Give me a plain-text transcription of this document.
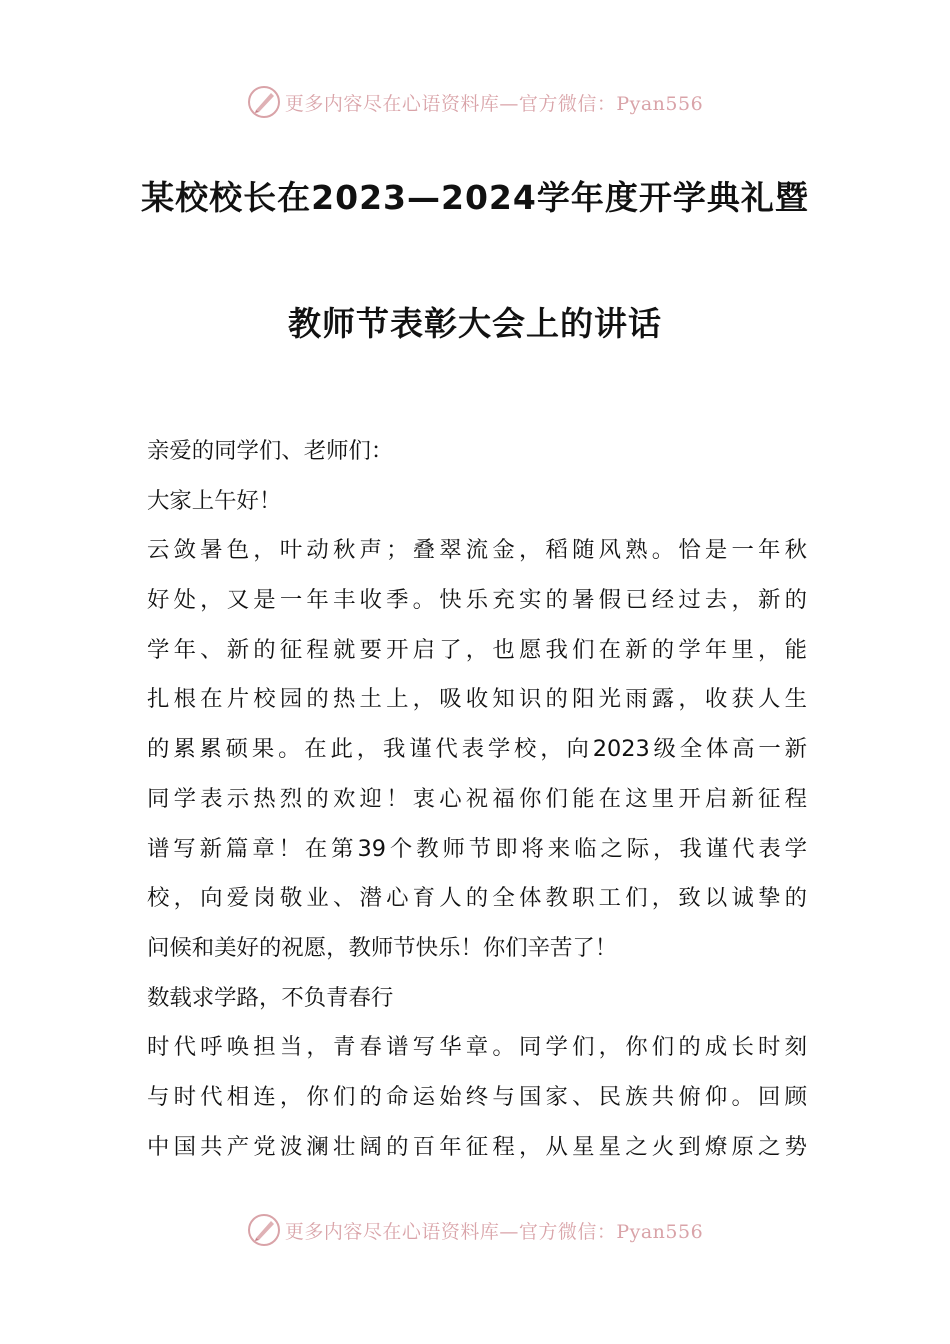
更多内容尽在心语资料库—官方微信：Pyan556
某校校长在2023—2024学年度开学典礼暨
教师节表彰大会上的讲话
亲爱的同学们、老师们：
大家上午好！
云敛暑色，叶动秋声；叠翠流金，稻随风熟。恰是一年秋
好处，又是一年丰收季。快乐充实的暑假已经过去，新的
学年、新的征程就要开启了，也愿我们在新的学年里，能
扎根在片校园的热土上，吸收知识的阳光雨露，收获人生
的累累硕果。在此，我谨代表学校，向2023级全体高一新
同学表示热烈的欢迎！衷心祝福你们能在这里开启新征程
谱写新篇章！在第39个教师节即将来临之际，我谨代表学
校，向爱岗敬业、潜心育人的全体教职工们，致以诚挚的
问候和美好的祝愿，教师节快乐！你们辛苦了！
数载求学路，不负青春行
时代呼唤担当，青春谱写华章。同学们，你们的成长时刻
与时代相连，你们的命运始终与国家、民族共俯仰。回顾
中国共产党波澜壮阔的百年征程，从星星之火到燎原之势
更多内容尽在心语资料库—官方微信：Pyan556
